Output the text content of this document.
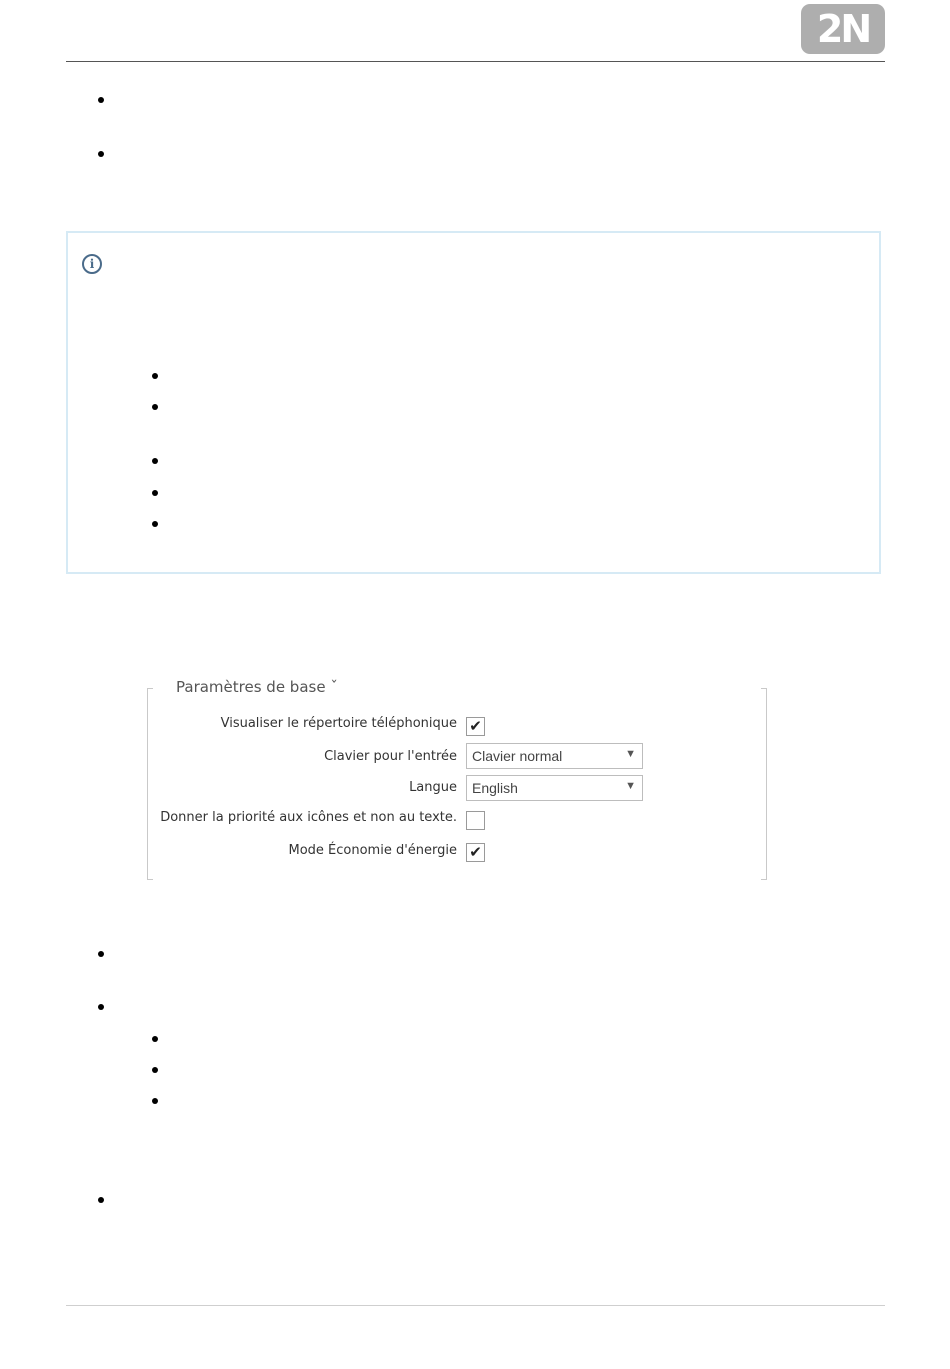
2N
i
Paramètres de base ˇ
Visualiser le répertoire téléphonique ✔
Clavier pour l'entrée Clavier normal	▼
Langue English	▼
Donner la priorité aux icônes et non au texte.
Mode Économie d'énergie ✔
